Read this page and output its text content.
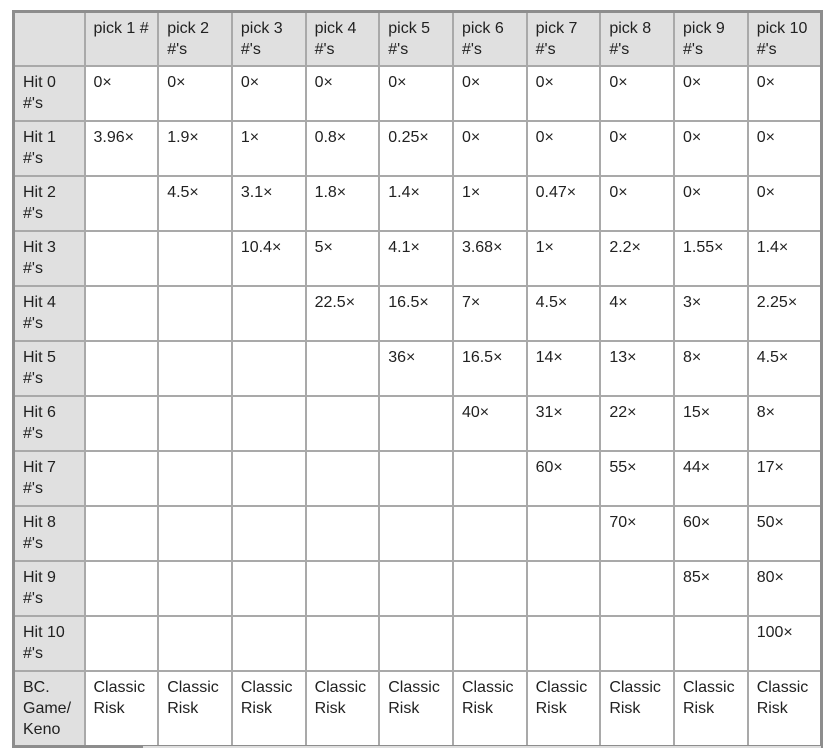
	pick 1 #	pick 2 #'s	pick 3 #'s	pick 4 #'s	pick 5 #'s	pick 6 #'s	pick 7 #'s	pick 8 #'s	pick 9 #'s	pick 10 #'s
Hit 0 #'s	0×	0×	0×	0×	0×	0×	0×	0×	0×	0×
Hit 1 #'s	3.96×	1.9×	1×	0.8×	0.25×	0×	0×	0×	0×	0×
Hit 2 #'s		4.5×	3.1×	1.8×	1.4×	1×	0.47×	0×	0×	0×
Hit 3 #'s			10.4×	5×	4.1×	3.68×	1×	2.2×	1.55×	1.4×
Hit 4 #'s				22.5×	16.5×	7×	4.5×	4×	3×	2.25×
Hit 5 #'s					36×	16.5×	14×	13×	8×	4.5×
Hit 6 #'s						40×	31×	22×	15×	8×
Hit 7 #'s							60×	55×	44×	17×
Hit 8 #'s								70×	60×	50×
Hit 9 #'s									85×	80×
Hit 10 #'s										100×
BC. Game/Keno	Classic Risk	Classic Risk	Classic Risk	Classic Risk	Classic Risk	Classic Risk	Classic Risk	Classic Risk	Classic Risk	Classic Risk
